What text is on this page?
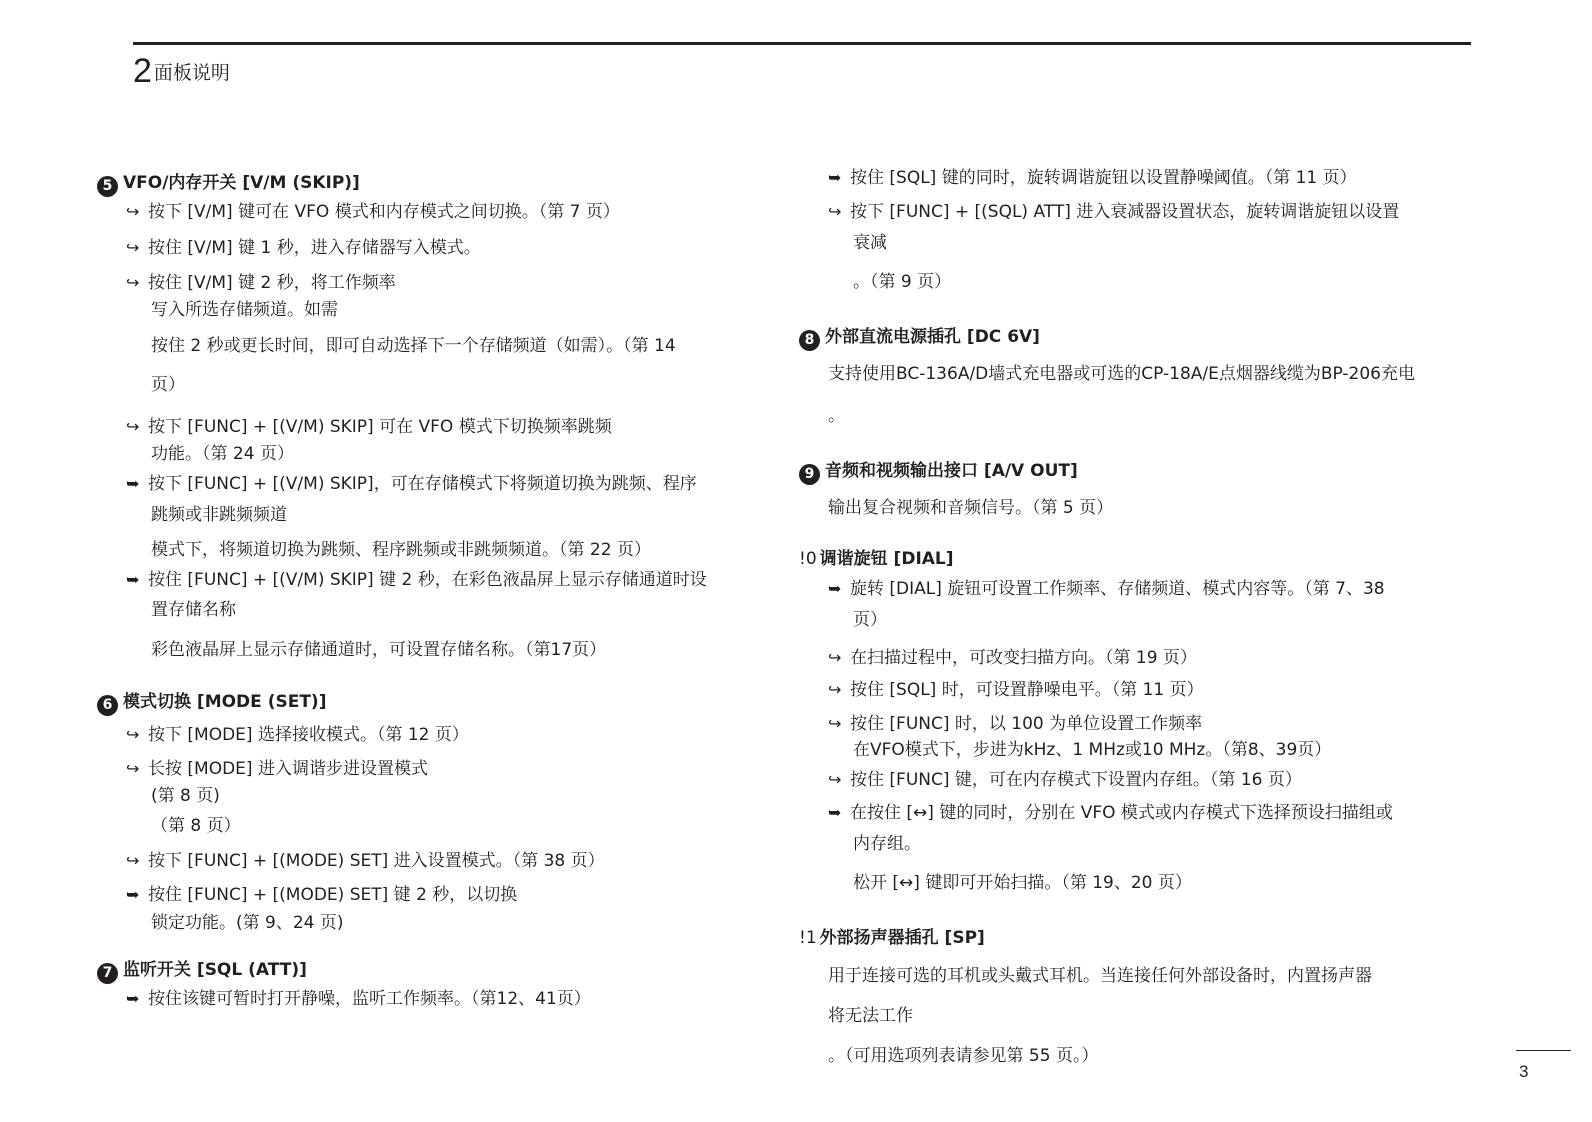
2 面板说明
5 VFO/内存开关 [V/M (SKIP)]
↪ 按下 [V/M] 键可在 VFO 模式和内存模式之间切换。（第 7 页）
↪ 按住 [V/M] 键 1 秒，进入存储器写入模式。
↪ 按住 [V/M] 键 2 秒，将工作频率
写入所选存储频道。如需
按住 2 秒或更长时间，即可自动选择下一个存储频道（如需）。（第 14
页）
↪ 按下 [FUNC] + [(V/M) SKIP] 可在 VFO 模式下切换频率跳频
功能。（第 24 页）
➥ 按下 [FUNC] + [(V/M) SKIP]，可在存储模式下将频道切换为跳频、程序
跳频或非跳频频道
模式下，将频道切换为跳频、程序跳频或非跳频频道。（第 22 页）
➥ 按住 [FUNC] + [(V/M) SKIP] 键 2 秒，在彩色液晶屏上显示存储通道时设
置存储名称
彩色液晶屏上显示存储通道时，可设置存储名称。（第17页）
6 模式切换 [MODE (SET)]
↪ 按下 [MODE] 选择接收模式。（第 12 页）
↪ 长按 [MODE] 进入调谐步进设置模式
(第 8 页)
（第 8 页）
↪ 按下 [FUNC] + [(MODE) SET] 进入设置模式。（第 38 页）
➥ 按住 [FUNC] + [(MODE) SET] 键 2 秒，以切换
锁定功能。(第 9、24 页)
7 监听开关 [SQL (ATT)]
➥ 按住该键可暂时打开静噪，监听工作频率。（第12、41页）
➥ 按住 [SQL] 键的同时，旋转调谐旋钮以设置静噪阈值。（第 11 页）
↪ 按下 [FUNC] + [(SQL) ATT] 进入衰减器设置状态，旋转调谐旋钮以设置
衰减
。（第 9 页）
8 外部直流电源插孔 [DC 6V]
支持使用BC-136A/D墙式充电器或可选的CP-18A/E点烟器线缆为BP-206充电
。
9 音频和视频输出接口 [A/V OUT]
输出复合视频和音频信号。（第 5 页）
!0 调谐旋钮 [DIAL]
➥ 旋转 [DIAL] 旋钮可设置工作频率、存储频道、模式内容等。（第 7、38
页）
↪ 在扫描过程中，可改变扫描方向。（第 19 页）
↪ 按住 [SQL] 时，可设置静噪电平。（第 11 页）
↪ 按住 [FUNC] 时，以 100 为单位设置工作频率
在VFO模式下，步进为kHz、1 MHz或10 MHz。（第8、39页）
↪ 按住 [FUNC] 键，可在内存模式下设置内存组。（第 16 页）
➥ 在按住 [↔] 键的同时，分别在 VFO 模式或内存模式下选择预设扫描组或
内存组。
松开 [↔] 键即可开始扫描。（第 19、20 页）
!1 外部扬声器插孔 [SP]
用于连接可选的耳机或头戴式耳机。当连接任何外部设备时，内置扬声器
将无法工作
。（可用选项列表请参见第 55 页。）
3
